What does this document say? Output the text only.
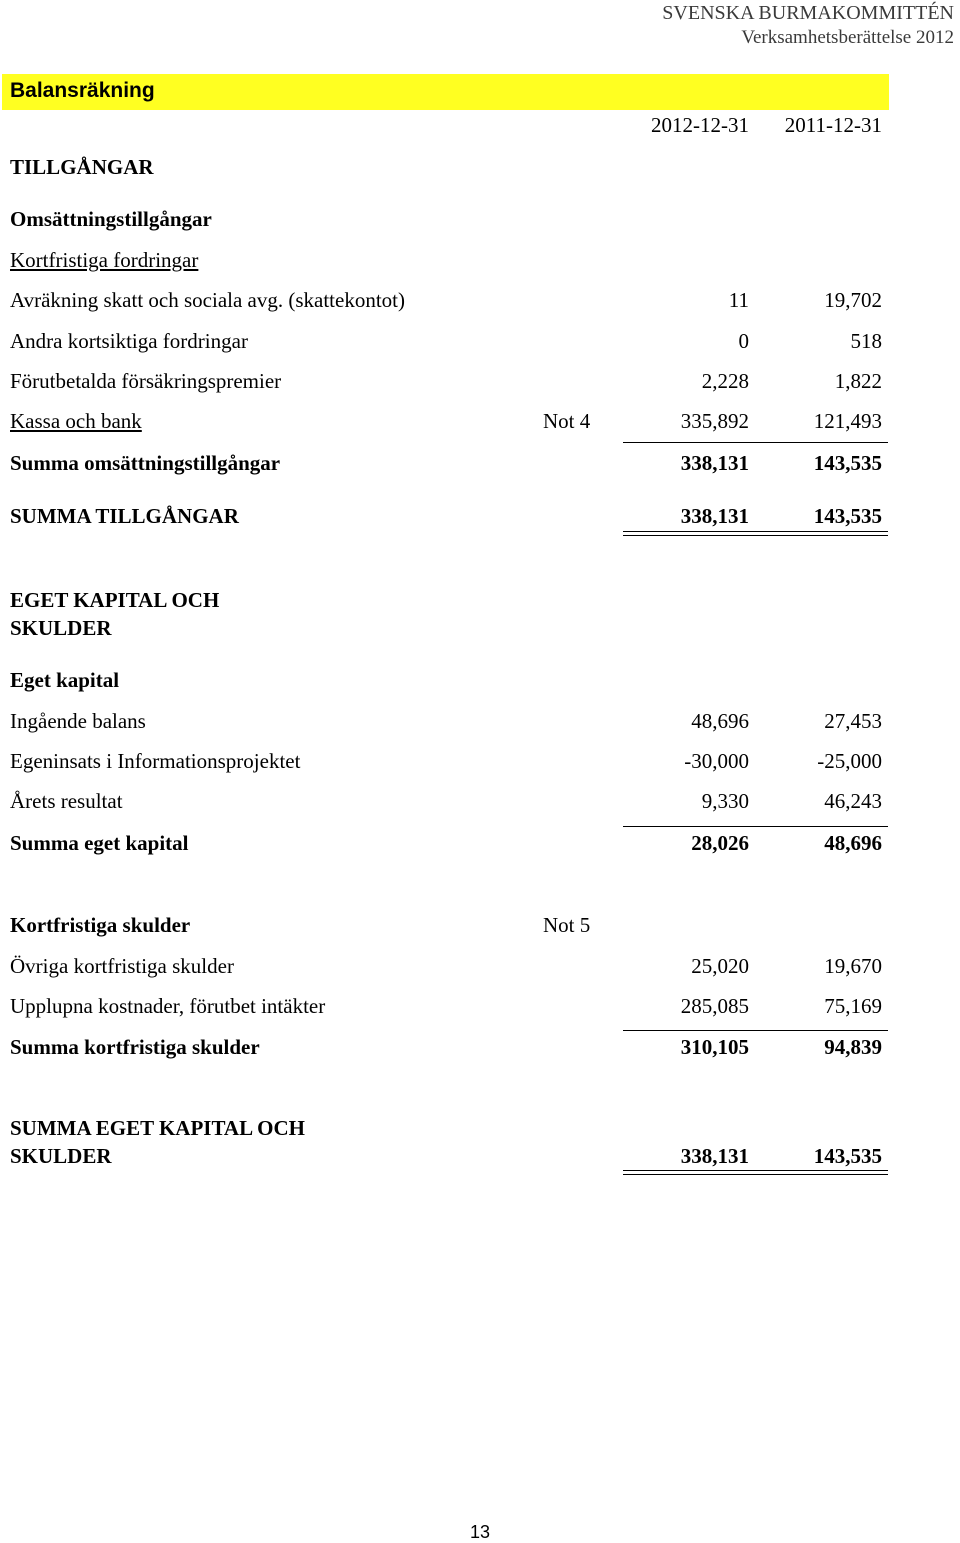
SVENSKA BURMAKOMMITTÉN
Verksamhetsberättelse 2012
Balansräkning
2012-12-31 2011-12-31
TILLGÅNGAR
Omsättningstillgångar
Kortfristiga fordringar
Avräkning skatt och sociala avg. (skattekontot)	11	19,702
Andra kortsiktiga fordringar	0	518
Förutbetalda försäkringspremier	2,228	1,822
Kassa och bank	Not 4	335,892	121,493
Summa omsättningstillgångar	338,131	143,535
SUMMA TILLGÅNGAR	338,131	143,535
EGET KAPITAL OCH
SKULDER
Eget kapital
Ingående balans	48,696	27,453
Egeninsats i Informationsprojektet	-30,000	-25,000
Årets resultat	9,330	46,243
Summa eget kapital	28,026	48,696
Kortfristiga skulder	Not 5
Övriga kortfristiga skulder	25,020	19,670
Upplupna kostnader, förutbet intäkter	285,085	75,169
Summa kortfristiga skulder	310,105	94,839
SUMMA EGET KAPITAL OCH
SKULDER	338,131	143,535
13
